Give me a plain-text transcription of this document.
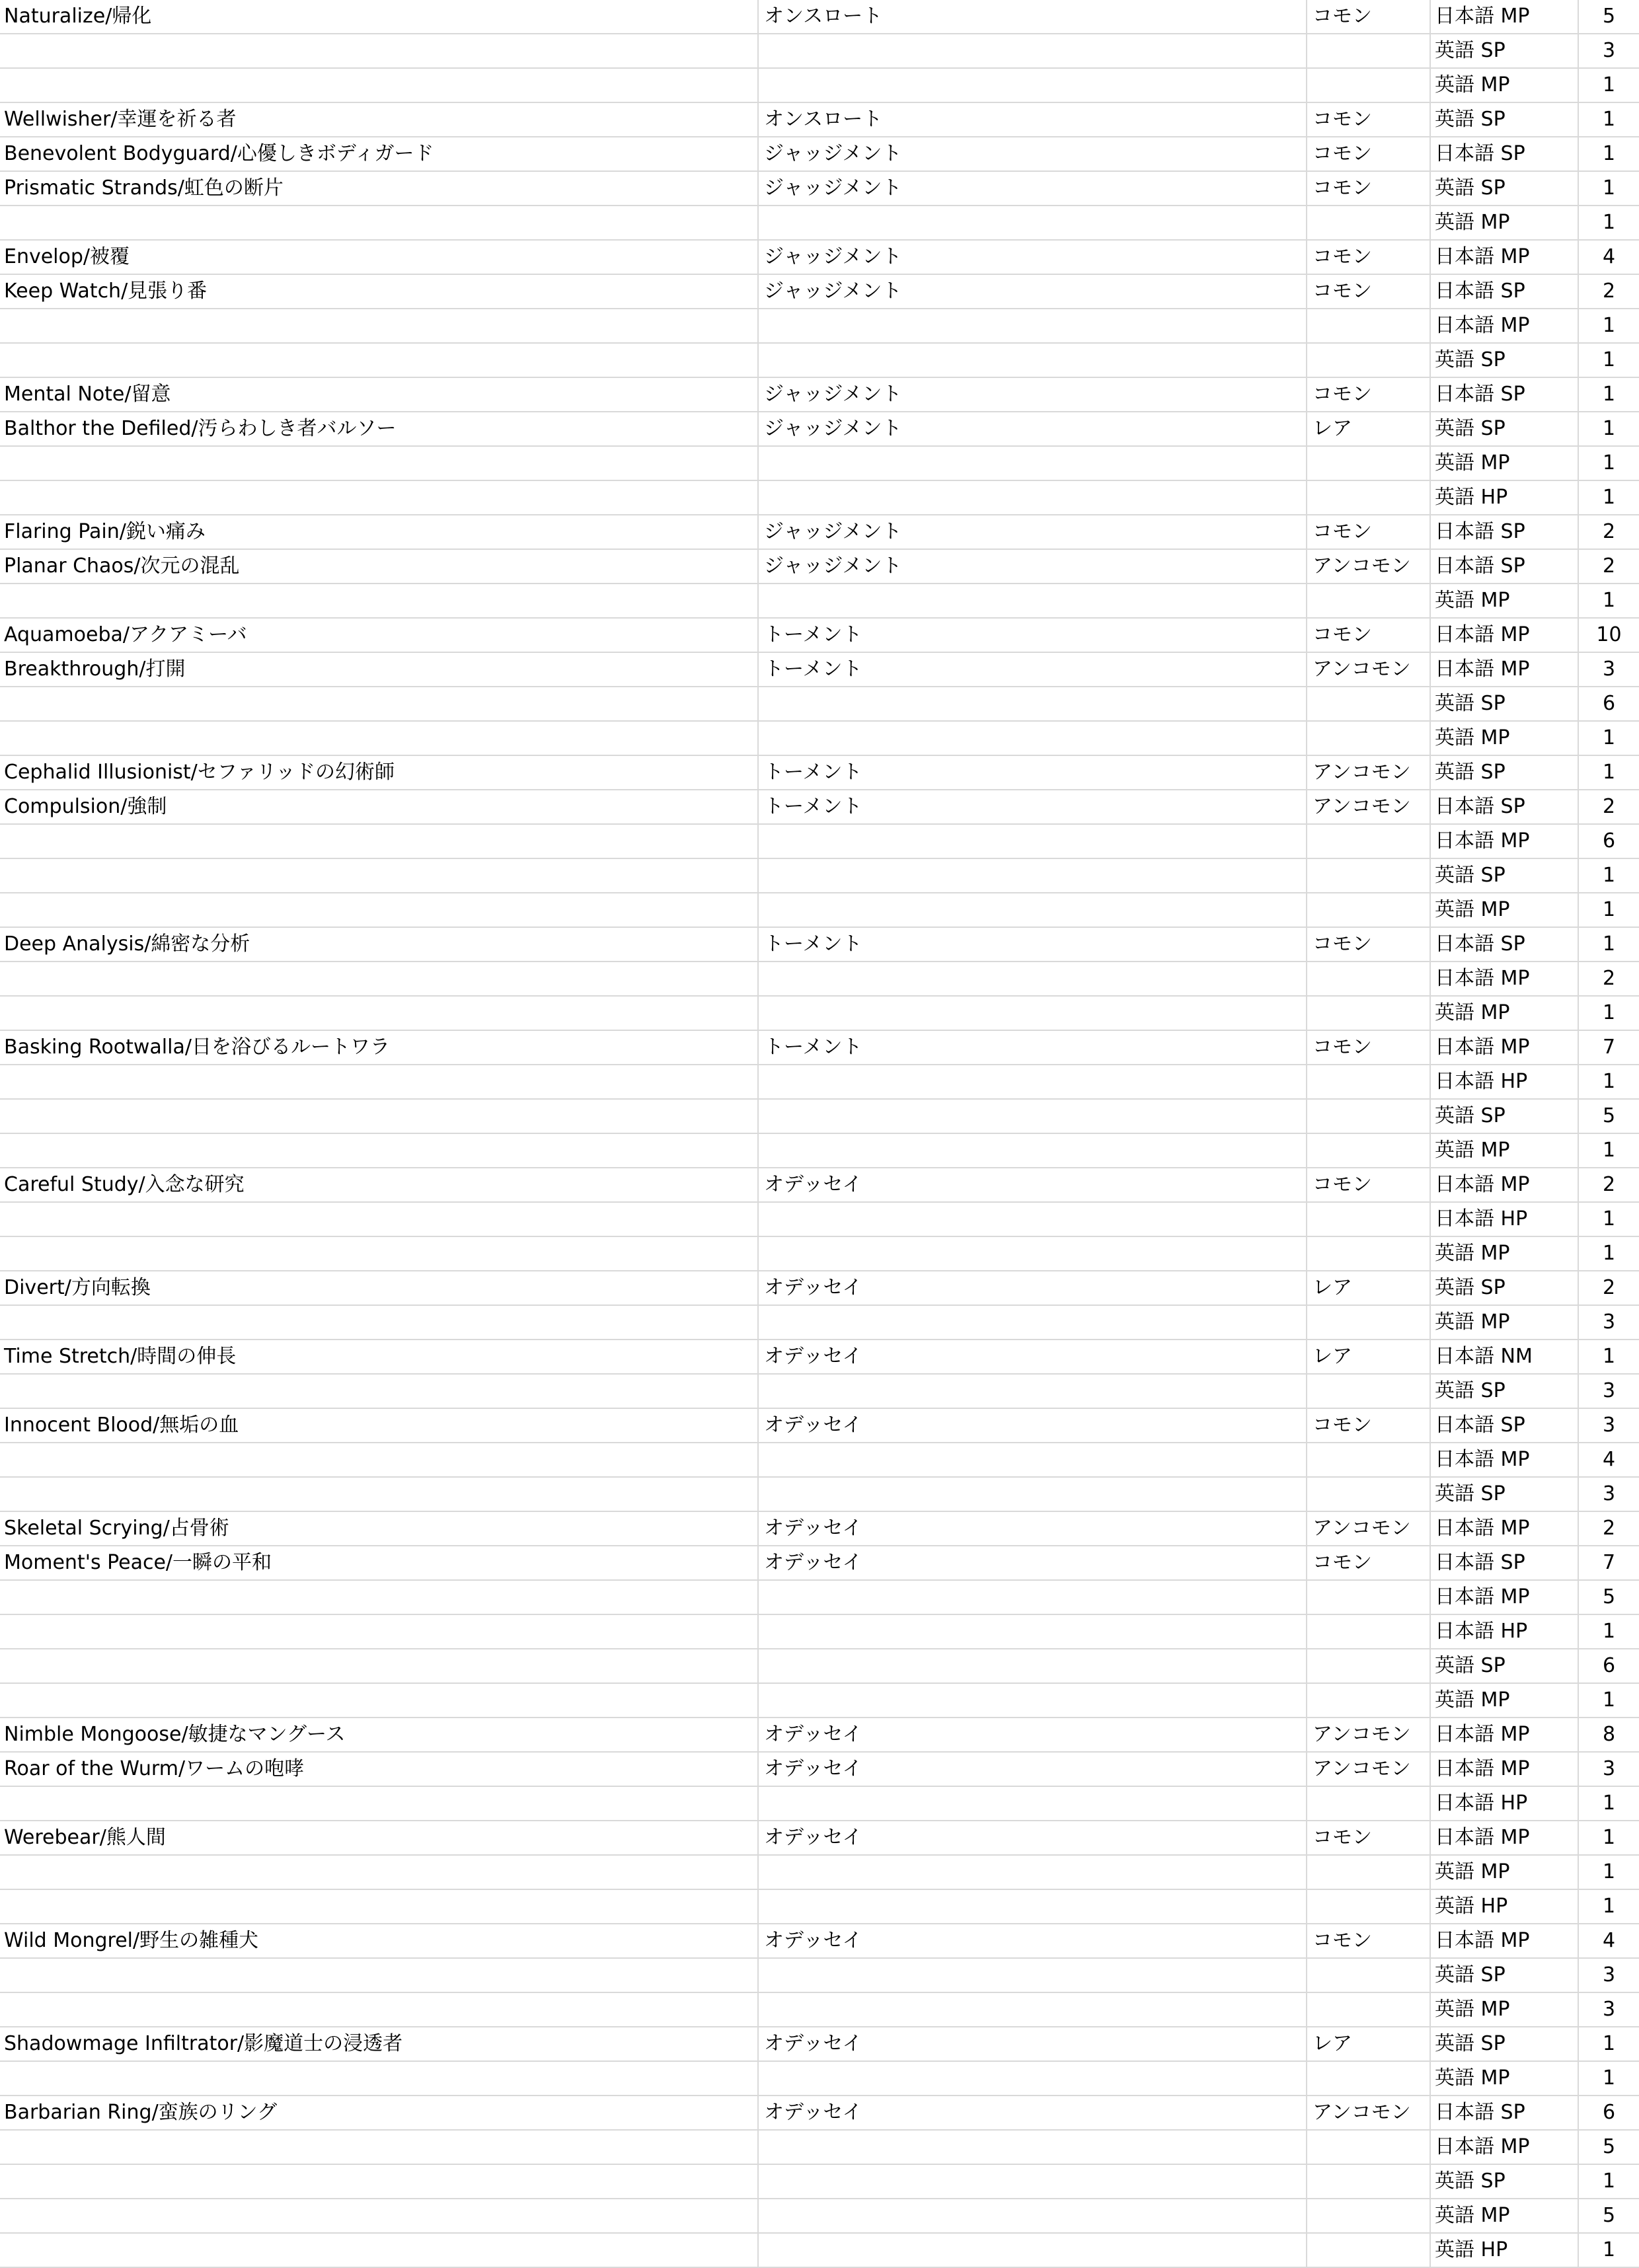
Naturalize/帰化	オンスロート	コモン	日本語 MP	5
			英語 SP	3
			英語 MP	1
Wellwisher/幸運を祈る者	オンスロート	コモン	英語 SP	1
Benevolent Bodyguard/心優しきボディガード	ジャッジメント	コモン	日本語 SP	1
Prismatic Strands/虹色の断片	ジャッジメント	コモン	英語 SP	1
			英語 MP	1
Envelop/被覆	ジャッジメント	コモン	日本語 MP	4
Keep Watch/見張り番	ジャッジメント	コモン	日本語 SP	2
			日本語 MP	1
			英語 SP	1
Mental Note/留意	ジャッジメント	コモン	日本語 SP	1
Balthor the Defiled/汚らわしき者バルソー	ジャッジメント	レア	英語 SP	1
			英語 MP	1
			英語 HP	1
Flaring Pain/鋭い痛み	ジャッジメント	コモン	日本語 SP	2
Planar Chaos/次元の混乱	ジャッジメント	アンコモン	日本語 SP	2
			英語 MP	1
Aquamoeba/アクアミーバ	トーメント	コモン	日本語 MP	10
Breakthrough/打開	トーメント	アンコモン	日本語 MP	3
			英語 SP	6
			英語 MP	1
Cephalid Illusionist/セファリッドの幻術師	トーメント	アンコモン	英語 SP	1
Compulsion/強制	トーメント	アンコモン	日本語 SP	2
			日本語 MP	6
			英語 SP	1
			英語 MP	1
Deep Analysis/綿密な分析	トーメント	コモン	日本語 SP	1
			日本語 MP	2
			英語 MP	1
Basking Rootwalla/日を浴びるルートワラ	トーメント	コモン	日本語 MP	7
			日本語 HP	1
			英語 SP	5
			英語 MP	1
Careful Study/入念な研究	オデッセイ	コモン	日本語 MP	2
			日本語 HP	1
			英語 MP	1
Divert/方向転換	オデッセイ	レア	英語 SP	2
			英語 MP	3
Time Stretch/時間の伸長	オデッセイ	レア	日本語 NM	1
			英語 SP	3
Innocent Blood/無垢の血	オデッセイ	コモン	日本語 SP	3
			日本語 MP	4
			英語 SP	3
Skeletal Scrying/占骨術	オデッセイ	アンコモン	日本語 MP	2
Moment's Peace/一瞬の平和	オデッセイ	コモン	日本語 SP	7
			日本語 MP	5
			日本語 HP	1
			英語 SP	6
			英語 MP	1
Nimble Mongoose/敏捷なマングース	オデッセイ	アンコモン	日本語 MP	8
Roar of the Wurm/ワームの咆哮	オデッセイ	アンコモン	日本語 MP	3
			日本語 HP	1
Werebear/熊人間	オデッセイ	コモン	日本語 MP	1
			英語 MP	1
			英語 HP	1
Wild Mongrel/野生の雑種犬	オデッセイ	コモン	日本語 MP	4
			英語 SP	3
			英語 MP	3
Shadowmage Infiltrator/影魔道士の浸透者	オデッセイ	レア	英語 SP	1
			英語 MP	1
Barbarian Ring/蛮族のリング	オデッセイ	アンコモン	日本語 SP	6
			日本語 MP	5
			英語 SP	1
			英語 MP	5
			英語 HP	1
